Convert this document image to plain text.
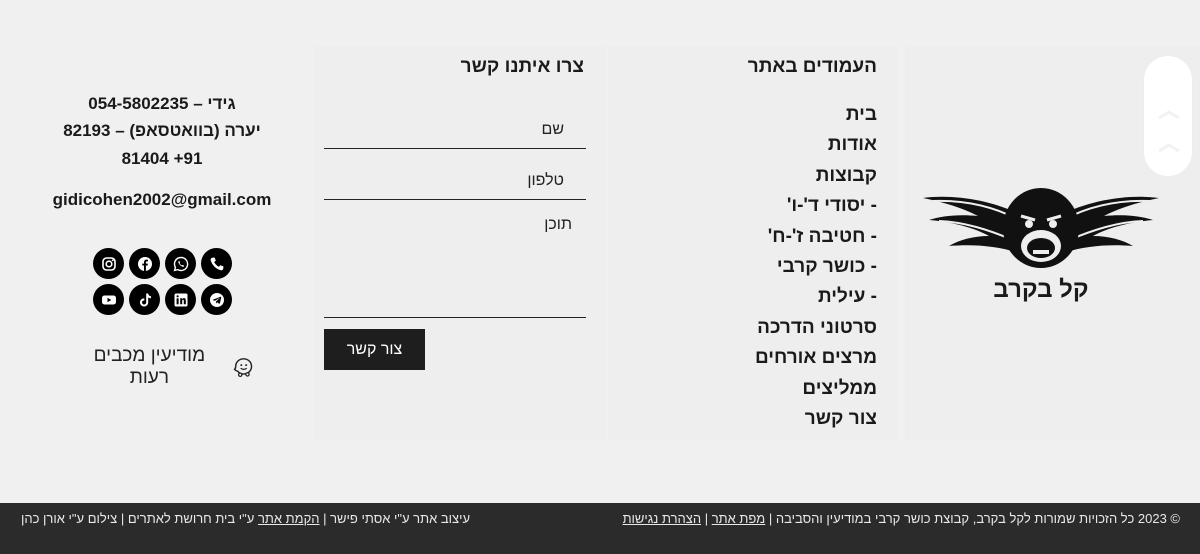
קל בקרב
העמודים באתר
בית
אודות
קבוצות
- יסודי ד'-ו'
- חטיבה ז'-ח'
- כושר קרבי
- עילית
סרטוני הדרכה
מרצים אורחים
ממליצים
צור קשר
צרו איתנו קשר
שם
טלפון
תוכן
צור קשר
גידי – 054-5802235
יערה (בוואטסאפ) – 82193 91+ 81404
gidicohen2002@gmail.com
מודיעין מכבים רעות
© 2023 כל הזכויות שמורות לקל בקרב, קבוצת כושר קרבי במודיעין והסביבה | מפת אתר | הצהרת נגישות
עיצוב אתר ע"י אסתי פישר | הקמת אתר ע"י בית חרושת לאתרים | צילום ע"י אורן כהן
